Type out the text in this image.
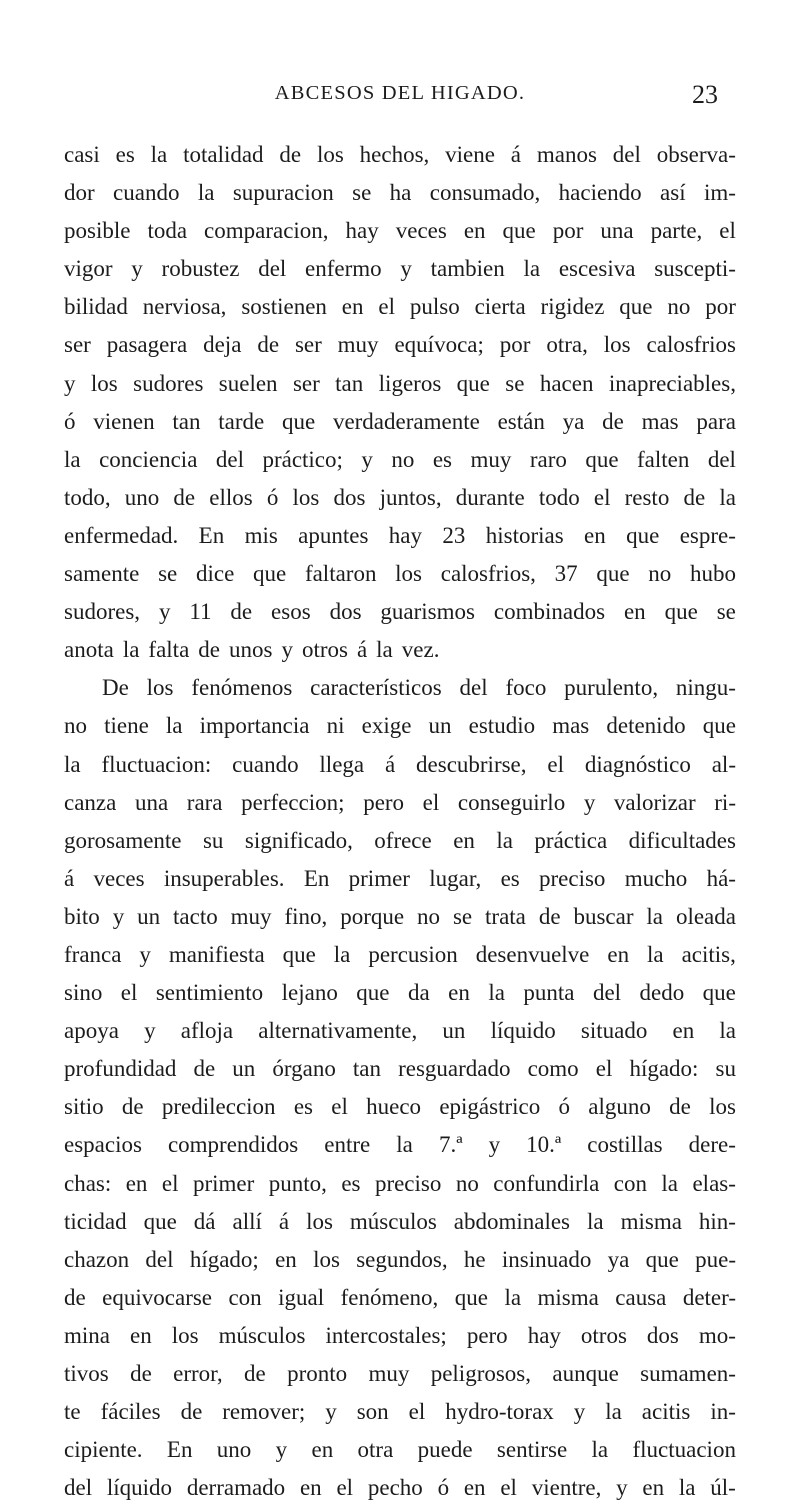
ABCESOS DEL HIGADO.	23
casi es la totalidad de los hechos, viene á manos del observa-
dor cuando la supuracion se ha consumado, haciendo así im-
posible toda comparacion, hay veces en que por una parte, el
vigor y robustez del enfermo y tambien la escesiva suscepti-
bilidad nerviosa, sostienen en el pulso cierta rigidez que no por
ser pasagera deja de ser muy equívoca; por otra, los calosfrios
y los sudores suelen ser tan ligeros que se hacen inapreciables,
ó vienen tan tarde que verdaderamente están ya de mas para
la conciencia del práctico; y no es muy raro que falten del
todo, uno de ellos ó los dos juntos, durante todo el resto de la
enfermedad. En mis apuntes hay 23 historias en que espre-
samente se dice que faltaron los calosfrios, 37 que no hubo
sudores, y 11 de esos dos guarismos combinados en que se
anota la falta de unos y otros á la vez.
De los fenómenos característicos del foco purulento, ningu-
no tiene la importancia ni exige un estudio mas detenido que
la fluctuacion: cuando llega á descubrirse, el diagnóstico al-
canza una rara perfeccion; pero el conseguirlo y valorizar ri-
gorosamente su significado, ofrece en la práctica dificultades
á veces insuperables. En primer lugar, es preciso mucho há-
bito y un tacto muy fino, porque no se trata de buscar la oleada
franca y manifiesta que la percusion desenvuelve en la acitis,
sino el sentimiento lejano que da en la punta del dedo que
apoya y afloja alternativamente, un líquido situado en la
profundidad de un órgano tan resguardado como el hígado: su
sitio de predileccion es el hueco epigástrico ó alguno de los
espacios comprendidos entre la 7.ª y 10.ª costillas dere-
chas: en el primer punto, es preciso no confundirla con la elas-
ticidad que dá allí á los músculos abdominales la misma hin-
chazon del hígado; en los segundos, he insinuado ya que pue-
de equivocarse con igual fenómeno, que la misma causa deter-
mina en los músculos intercostales; pero hay otros dos mo-
tivos de error, de pronto muy peligrosos, aunque sumamen-
te fáciles de remover; y son el hydro-torax y la acitis in-
cipiente. En uno y en otra puede sentirse la fluctuacion
del líquido derramado en el pecho ó en el vientre, y en la úl-
